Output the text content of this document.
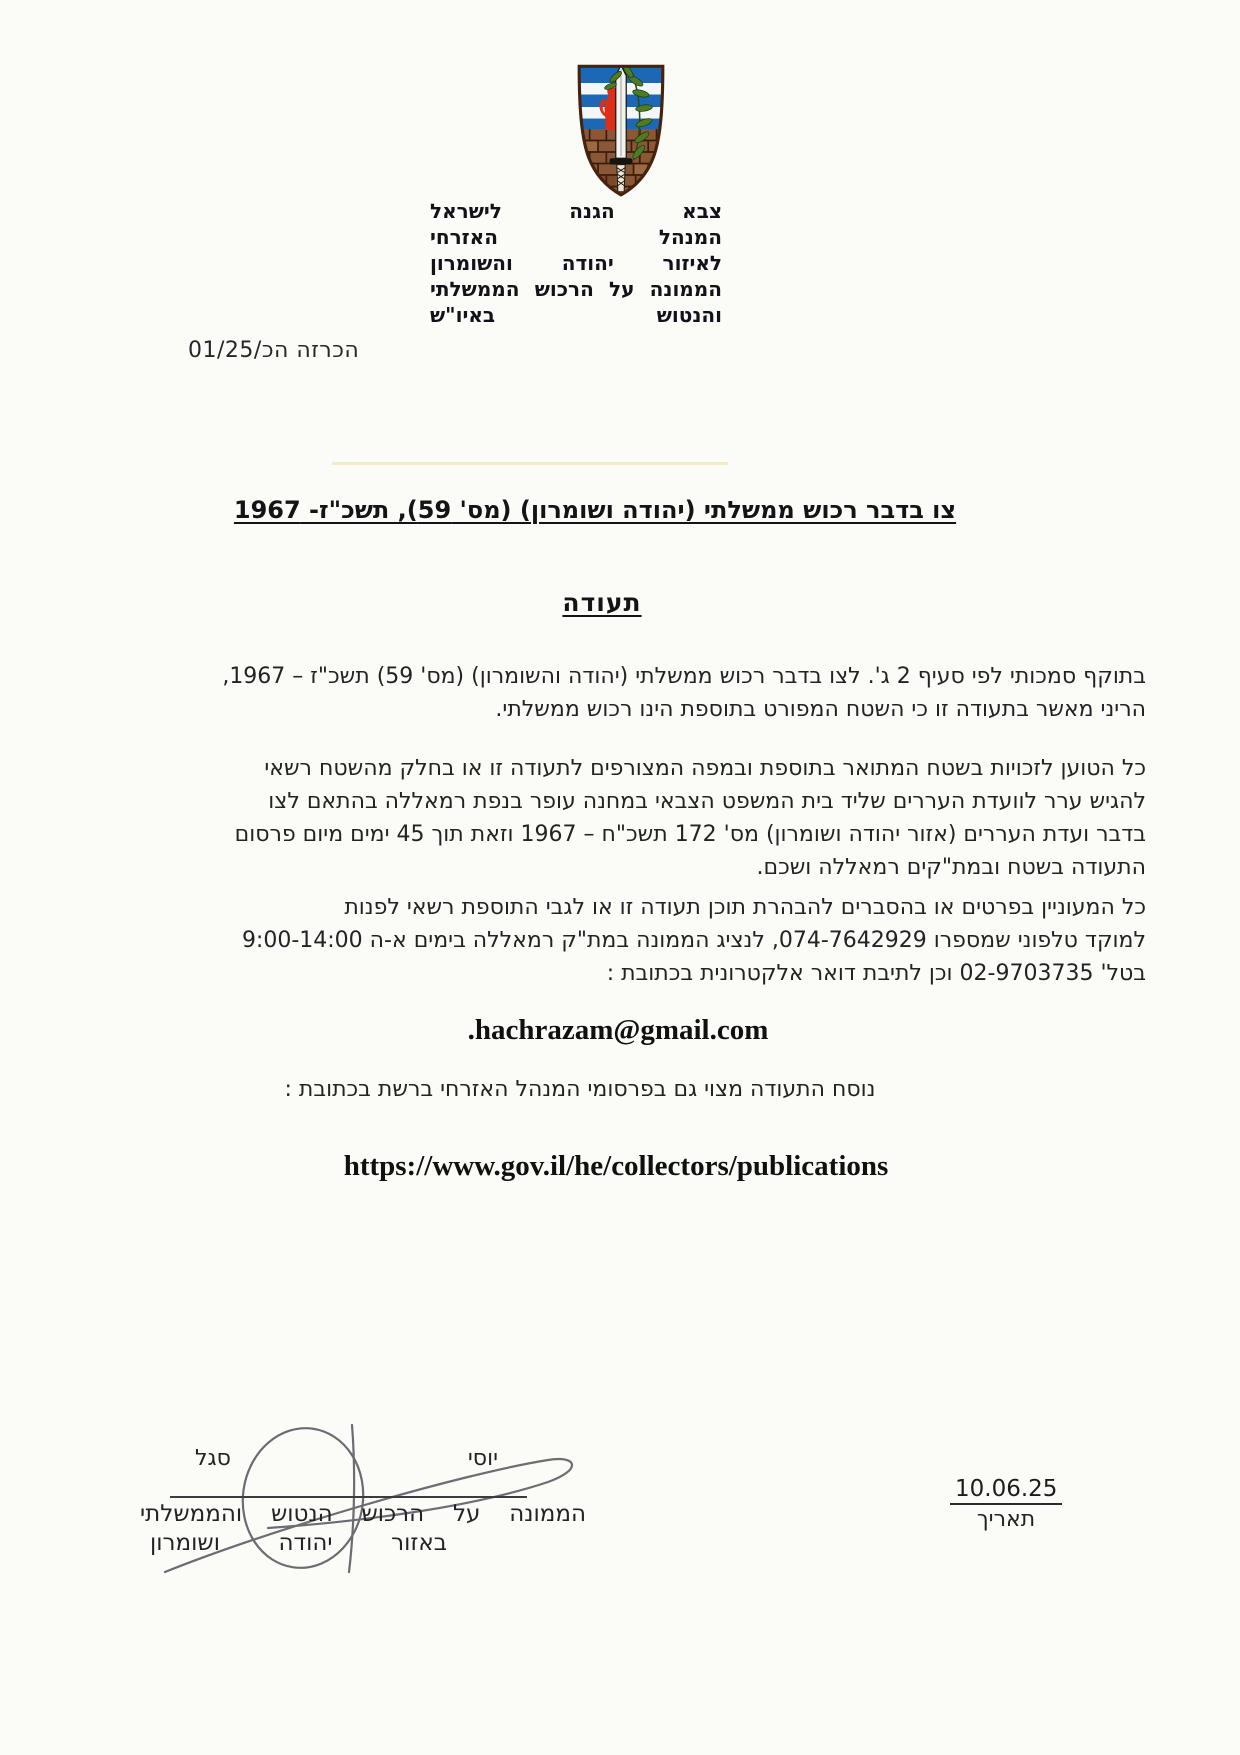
צבא הגנה לישראל
המנהל האזרחי
לאיזור יהודה והשומרון
הממונה על הרכוש הממשלתי
והנטוש באיו"ש
הכרזה הכ/01/25
צו בדבר רכוש ממשלתי (יהודה ושומרון) (מס' 59), תשכ"ז- 1967
תעודה
בתוקף סמכותי לפי סעיף 2 ג'. לצו בדבר רכוש ממשלתי (יהודה והשומרון) (מס' 59) תשכ"ז – 1967,
הריני מאשר בתעודה זו כי השטח המפורט בתוספת הינו רכוש ממשלתי.
כל הטוען לזכויות בשטח המתואר בתוספת ובמפה המצורפים לתעודה זו או בחלק מהשטח רשאי
להגיש ערר לוועדת העררים שליד בית המשפט הצבאי במחנה עופר בנפת רמאללה בהתאם לצו
בדבר ועדת העררים (אזור יהודה ושומרון) מס' 172 תשכ"ח – 1967 וזאת תוך 45 ימים מיום פרסום
התעודה בשטח ובמת"קים רמאללה ושכם.
כל המעוניין בפרטים או בהסברים להבהרת תוכן תעודה זו או לגבי התוספת רשאי לפנות
למוקד טלפוני שמספרו 074-7642929, לנציג הממונה במת"ק רמאללה בימים א-ה 9:00-14:00
בטל' 02-9703735 וכן לתיבת דואר אלקטרונית בכתובת :
hachrazam@gmail.com.
נוסח התעודה מצוי גם בפרסומי המנהל האזרחי ברשת בכתובת :
https://www.gov.il/he/collectors/publications
יוסי סגל
הממונה על הרכוש הנטוש והממשלתי
באזור יהודה ושומרון
10.06.25
תאריך
